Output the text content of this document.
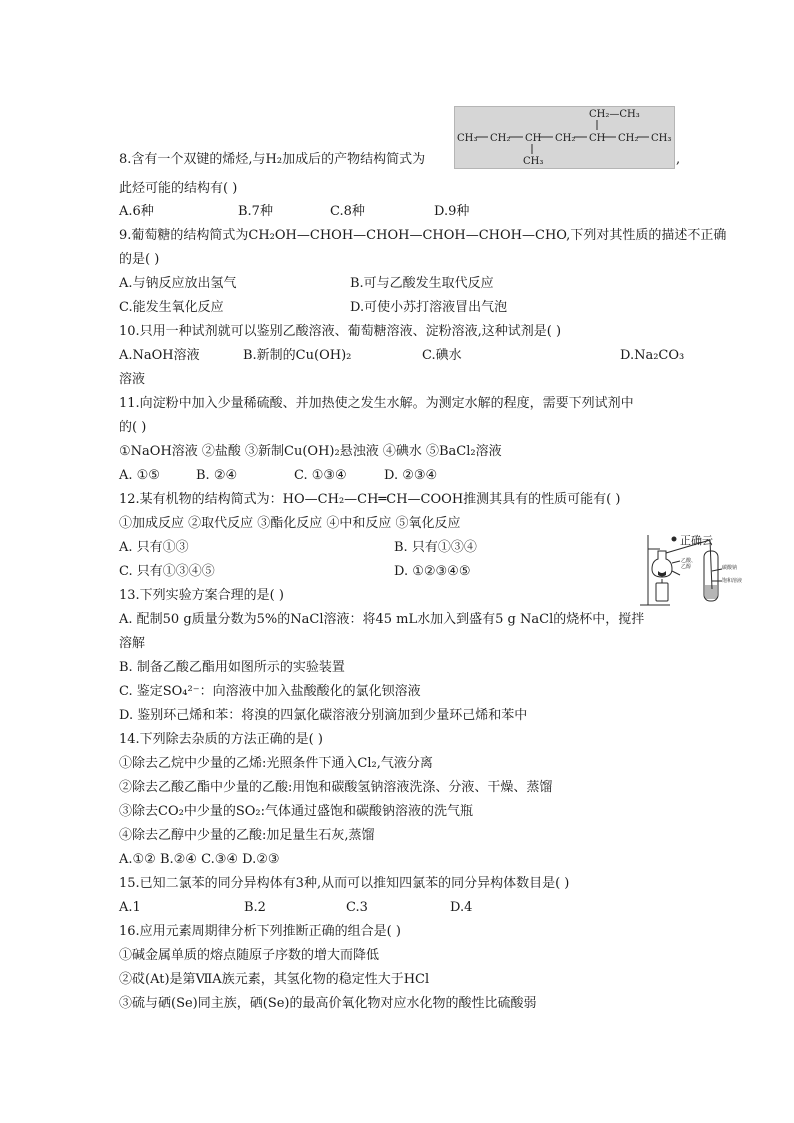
8.含有一个双键的烯烃,与H₂加成后的产物结构简式为
CH₃ CH₂ CH CH₂ CH CH₂ CH₃
CH₂—CH₃
CH₃	,
此烃可能的结构有( )
A.6种	B.7种	C.8种	D.9种
9.葡萄糖的结构简式为CH₂OH—CHOH—CHOH—CHOH—CHOH—CHO,下列对其性质的描述不正确
的是( )
A.与钠反应放出氢气	B.可与乙酸发生取代反应
C.能发生氧化反应	D.可使小苏打溶液冒出气泡
10.只用一种试剂就可以鉴别乙酸溶液、葡萄糖溶液、淀粉溶液,这种试剂是( )
A.NaOH溶液	B.新制的Cu(OH)₂	C.碘水	D.Na₂CO₃
溶液
11.向淀粉中加入少量稀硫酸、并加热使之发生水解。为测定水解的程度，需要下列试剂中
的( )
①NaOH溶液 ②盐酸 ③新制Cu(OH)₂悬浊液 ④碘水 ⑤BaCl₂溶液
A. ①⑤	B. ②④	C. ①③④	D. ②③④
12.某有机物的结构简式为：HO—CH₂—CH═CH—COOH推测其具有的性质可能有( )
①加成反应 ②取代反应 ③酯化反应 ④中和反应 ⑤氧化反应
A. 只有①③	B. 只有①③④
C. 只有①③④⑤	D. ①②③④⑤
乙酸、
乙醇	碳酸钠
饱和溶液
正确云
13.下列实验方案合理的是( )
A. 配制50 g质量分数为5%的NaCl溶液：将45 mL水加入到盛有5 g NaCl的烧杯中，搅拌
溶解
B. 制备乙酸乙酯用如图所示的实验装置
C. 鉴定SO₄²⁻：向溶液中加入盐酸酸化的氯化钡溶液
D. 鉴别环己烯和苯：将溴的四氯化碳溶液分别滴加到少量环己烯和苯中
14.下列除去杂质的方法正确的是( )
①除去乙烷中少量的乙烯:光照条件下通入Cl₂,气液分离
②除去乙酸乙酯中少量的乙酸:用饱和碳酸氢钠溶液洗涤、分液、干燥、蒸馏
③除去CO₂中少量的SO₂:气体通过盛饱和碳酸钠溶液的洗气瓶
④除去乙醇中少量的乙酸:加足量生石灰,蒸馏
A.①② B.②④ C.③④ D.②③
15.已知二氯苯的同分异构体有3种,从而可以推知四氯苯的同分异构体数目是( )
A.1	B.2	C.3	D.4
16.应用元素周期律分析下列推断正确的组合是( )
①碱金属单质的熔点随原子序数的增大而降低
②砹(At)是第ⅦA族元素，其氢化物的稳定性大于HCl
③硫与硒(Se)同主族，硒(Se)的最高价氧化物对应水化物的酸性比硫酸弱
